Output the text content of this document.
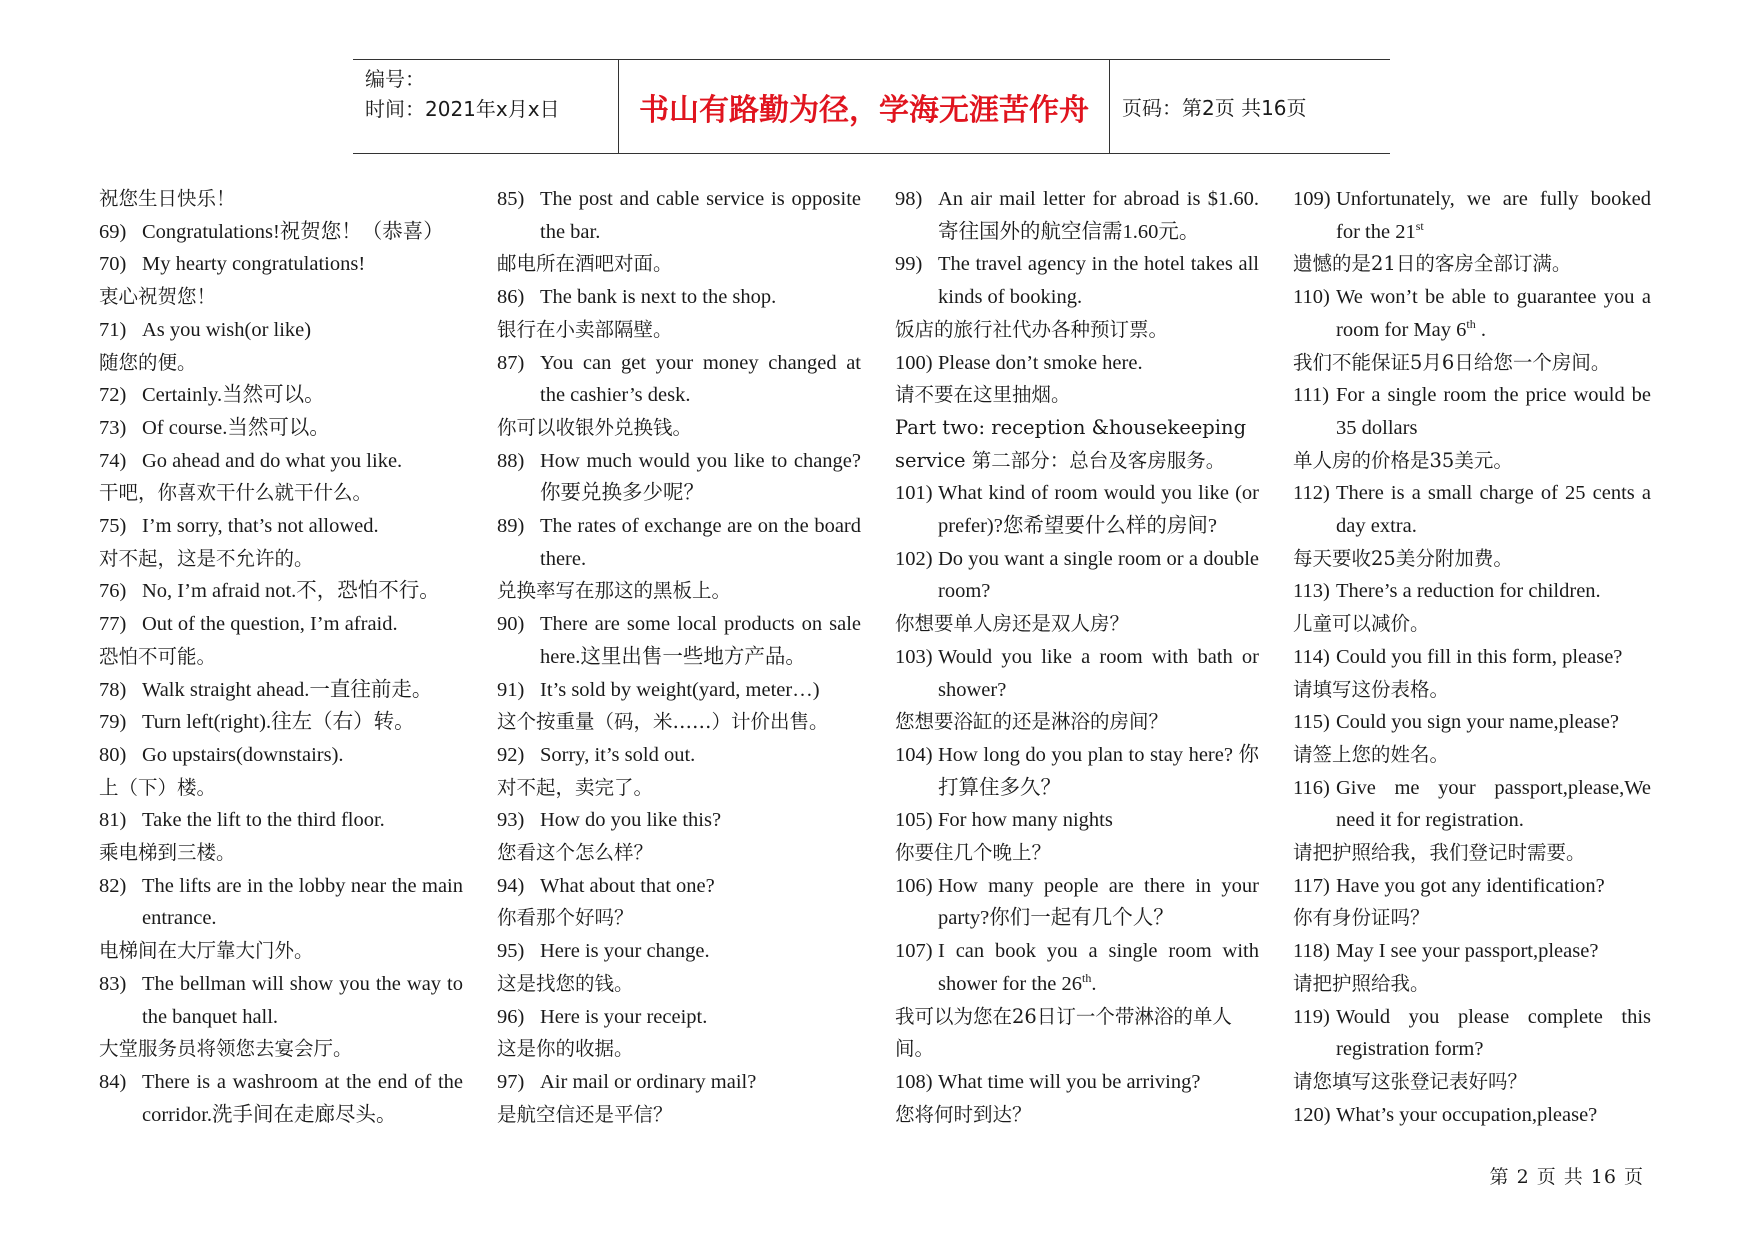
编号：
时间：2021年x月x日	书山有路勤为径，学海无涯苦作舟	页码：第2页 共16页
祝您生日快乐！
69) Congratulations!祝贺您！（恭喜）
70) My hearty congratulations!
衷心祝贺您！
71) As you wish(or like)
随您的便。
72) Certainly.当然可以。
73) Of course.当然可以。
74) Go ahead and do what you like.
干吧，你喜欢干什么就干什么。
75) I’m sorry, that’s not allowed.
对不起，这是不允许的。
76) No, I’m afraid not.不，恐怕不行。
77) Out of the question, I’m afraid.
恐怕不可能。
78) Walk straight ahead.一直往前走。
79) Turn left(right).往左（右）转。
80) Go upstairs(downstairs).
上（下）楼。
81) Take the lift to the third floor.
乘电梯到三楼。
82) The lifts are in the lobby near the main entrance.
电梯间在大厅靠大门外。
83) The bellman will show you the way to the banquet hall.
大堂服务员将领您去宴会厅。
84) There is a washroom at the end of the corridor.洗手间在走廊尽头。
85) The post and cable service is opposite the bar.
邮电所在酒吧对面。
86) The bank is next to the shop.
银行在小卖部隔壁。
87) You can get your money changed at the cashier’s desk.
你可以收银外兑换钱。
88) How much would you like to change?你要兑换多少呢？
89) The rates of exchange are on the board there.
兑换率写在那这的黑板上。
90) There are some local products on sale here.这里出售一些地方产品。
91) It’s sold by weight(yard, meter…)
这个按重量（码，米……）计价出售。
92) Sorry, it’s sold out.
对不起，卖完了。
93) How do you like this?
您看这个怎么样？
94) What about that one?
你看那个好吗？
95) Here is your change.
这是找您的钱。
96) Here is your receipt.
这是你的收据。
97) Air mail or ordinary mail?
是航空信还是平信？
98) An air mail letter for abroad is $1.60.寄往国外的航空信需1.60元。
99) The travel agency in the hotel takes all kinds of booking.
饭店的旅行社代办各种预订票。
100) Please don’t smoke here.
请不要在这里抽烟。
Part two: reception &housekeeping service 第二部分：总台及客房服务。
101) What kind of room would you like (or prefer)?您希望要什么样的房间?
102) Do you want a single room or a double room?
你想要单人房还是双人房？
103) Would you like a room with bath or shower?
您想要浴缸的还是淋浴的房间？
104) How long do you plan to stay here? 你打算住多久？
105) For how many nights
你要住几个晚上？
106) How many people are there in your party?你们一起有几个人？
107) I can book you a single room with shower for the 26th.
我可以为您在26日订一个带淋浴的单人间。
108) What time will you be arriving?
您将何时到达？
109) Unfortunately, we are fully booked for the 21st
遗憾的是21日的客房全部订满。
110) We won’t be able to guarantee you a room for May 6th .
我们不能保证5月6日给您一个房间。
111) For a single room the price would be 35 dollars
单人房的价格是35美元。
112) There is a small charge of 25 cents a day extra.
每天要收25美分附加费。
113) There’s a reduction for children.
儿童可以减价。
114) Could you fill in this form, please?
请填写这份表格。
115) Could you sign your name,please?
请签上您的姓名。
116) Give me your passport,please,We need it for registration.
请把护照给我，我们登记时需要。
117) Have you got any identification?
你有身份证吗？
118) May I see your passport,please?
请把护照给我。
119) Would you please complete this registration form?
请您填写这张登记表好吗？
120) What’s your occupation,please?
第 2 页 共 16 页
